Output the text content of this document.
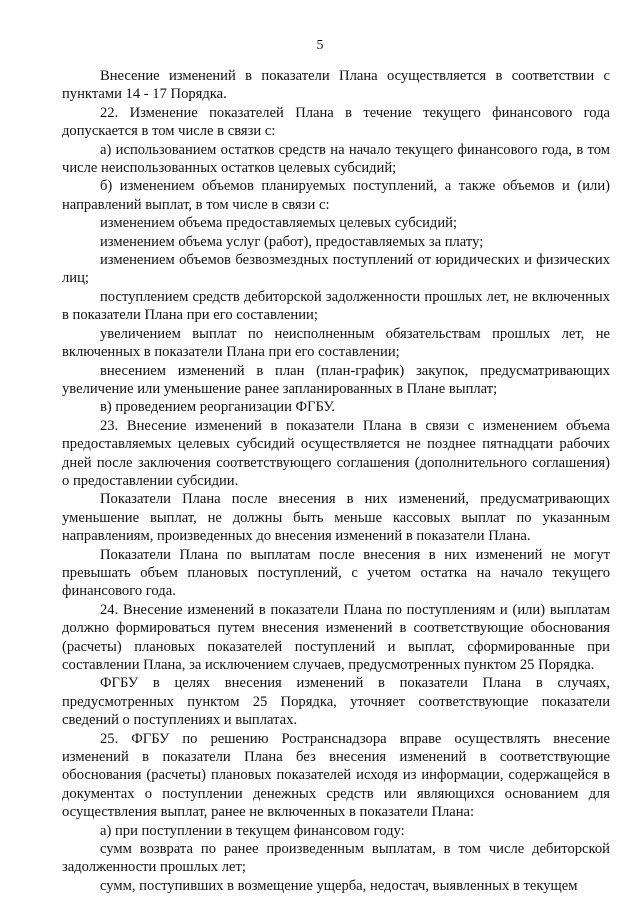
5

Внесение изменений в показатели Плана осуществляется в соответствии с пунктами 14 - 17 Порядка.

22. Изменение показателей Плана в течение текущего финансового года допускается в том числе в связи с:

а) использованием остатков средств на начало текущего финансового года, в том числе неиспользованных остатков целевых субсидий;

б) изменением объемов планируемых поступлений, а также объемов и (или) направлений выплат, в том числе в связи с:

изменением объема предоставляемых целевых субсидий;

изменением объема услуг (работ), предоставляемых за плату;

изменением объемов безвозмездных поступлений от юридических и физических лиц;

поступлением средств дебиторской задолженности прошлых лет, не включенных в показатели Плана при его составлении;

увеличением выплат по неисполненным обязательствам прошлых лет, не включенных в показатели Плана при его составлении;

внесением изменений в план (план-график) закупок, предусматривающих увеличение или уменьшение ранее запланированных в Плане выплат;

в) проведением реорганизации ФГБУ.

23. Внесение изменений в показатели Плана в связи с изменением объема предоставляемых целевых субсидий осуществляется не позднее пятнадцати рабочих дней после заключения соответствующего соглашения (дополнительного соглашения) о предоставлении субсидии.

Показатели Плана после внесения в них изменений, предусматривающих уменьшение выплат, не должны быть меньше кассовых выплат по указанным направлениям, произведенных до внесения изменений в показатели Плана.

Показатели Плана по выплатам после внесения в них изменений не могут превышать объем плановых поступлений, с учетом остатка на начало текущего финансового года.

24. Внесение изменений в показатели Плана по поступлениям и (или) выплатам должно формироваться путем внесения изменений в соответствующие обоснования (расчеты) плановых показателей поступлений и выплат, сформированные при составлении Плана, за исключением случаев, предусмотренных пунктом 25 Порядка.

ФГБУ в целях внесения изменений в показатели Плана в случаях, предусмотренных пунктом 25 Порядка, уточняет соответствующие показатели сведений о поступлениях и выплатах.

25. ФГБУ по решению Ространснадзора вправе осуществлять внесение изменений в показатели Плана без внесения изменений в соответствующие обоснования (расчеты) плановых показателей исходя из информации, содержащейся в документах о поступлении денежных средств или являющихся основанием для осуществления выплат, ранее не включенных в показатели Плана:

а) при поступлении в текущем финансовом году:

сумм возврата по ранее произведенным выплатам, в том числе дебиторской задолженности прошлых лет;

сумм, поступивших в возмещение ущерба, недостач, выявленных в текущем
